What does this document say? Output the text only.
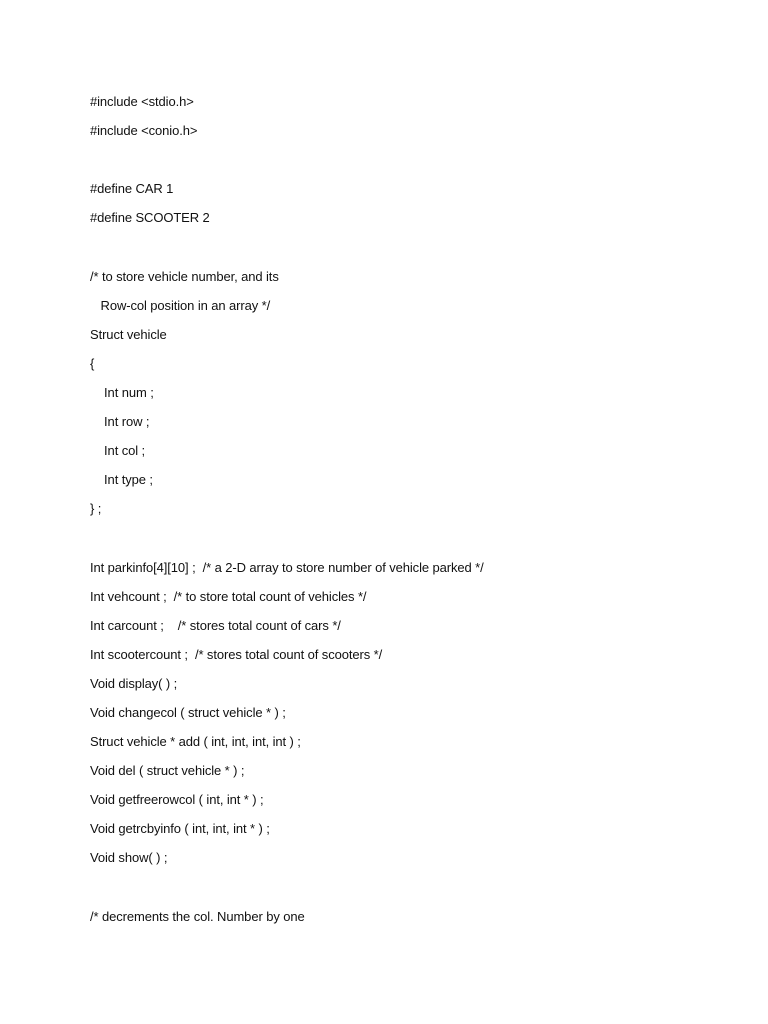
#include <stdio.h>
#include <conio.h>
#define CAR 1
#define SCOOTER 2
/* to store vehicle number, and its
Row-col position in an array */
Struct vehicle
{
Int num ;
Int row ;
Int col ;
Int type ;
} ;
Int parkinfo[4][10] ;  /* a 2-D array to store number of vehicle parked */
Int vehcount ;  /* to store total count of vehicles */
Int carcount ;    /* stores total count of cars */
Int scootercount ;  /* stores total count of scooters */
Void display( ) ;
Void changecol ( struct vehicle * ) ;
Struct vehicle * add ( int, int, int, int ) ;
Void del ( struct vehicle * ) ;
Void getfreerowcol ( int, int * ) ;
Void getrcbyinfo ( int, int, int * ) ;
Void show( ) ;
/* decrements the col. Number by one
